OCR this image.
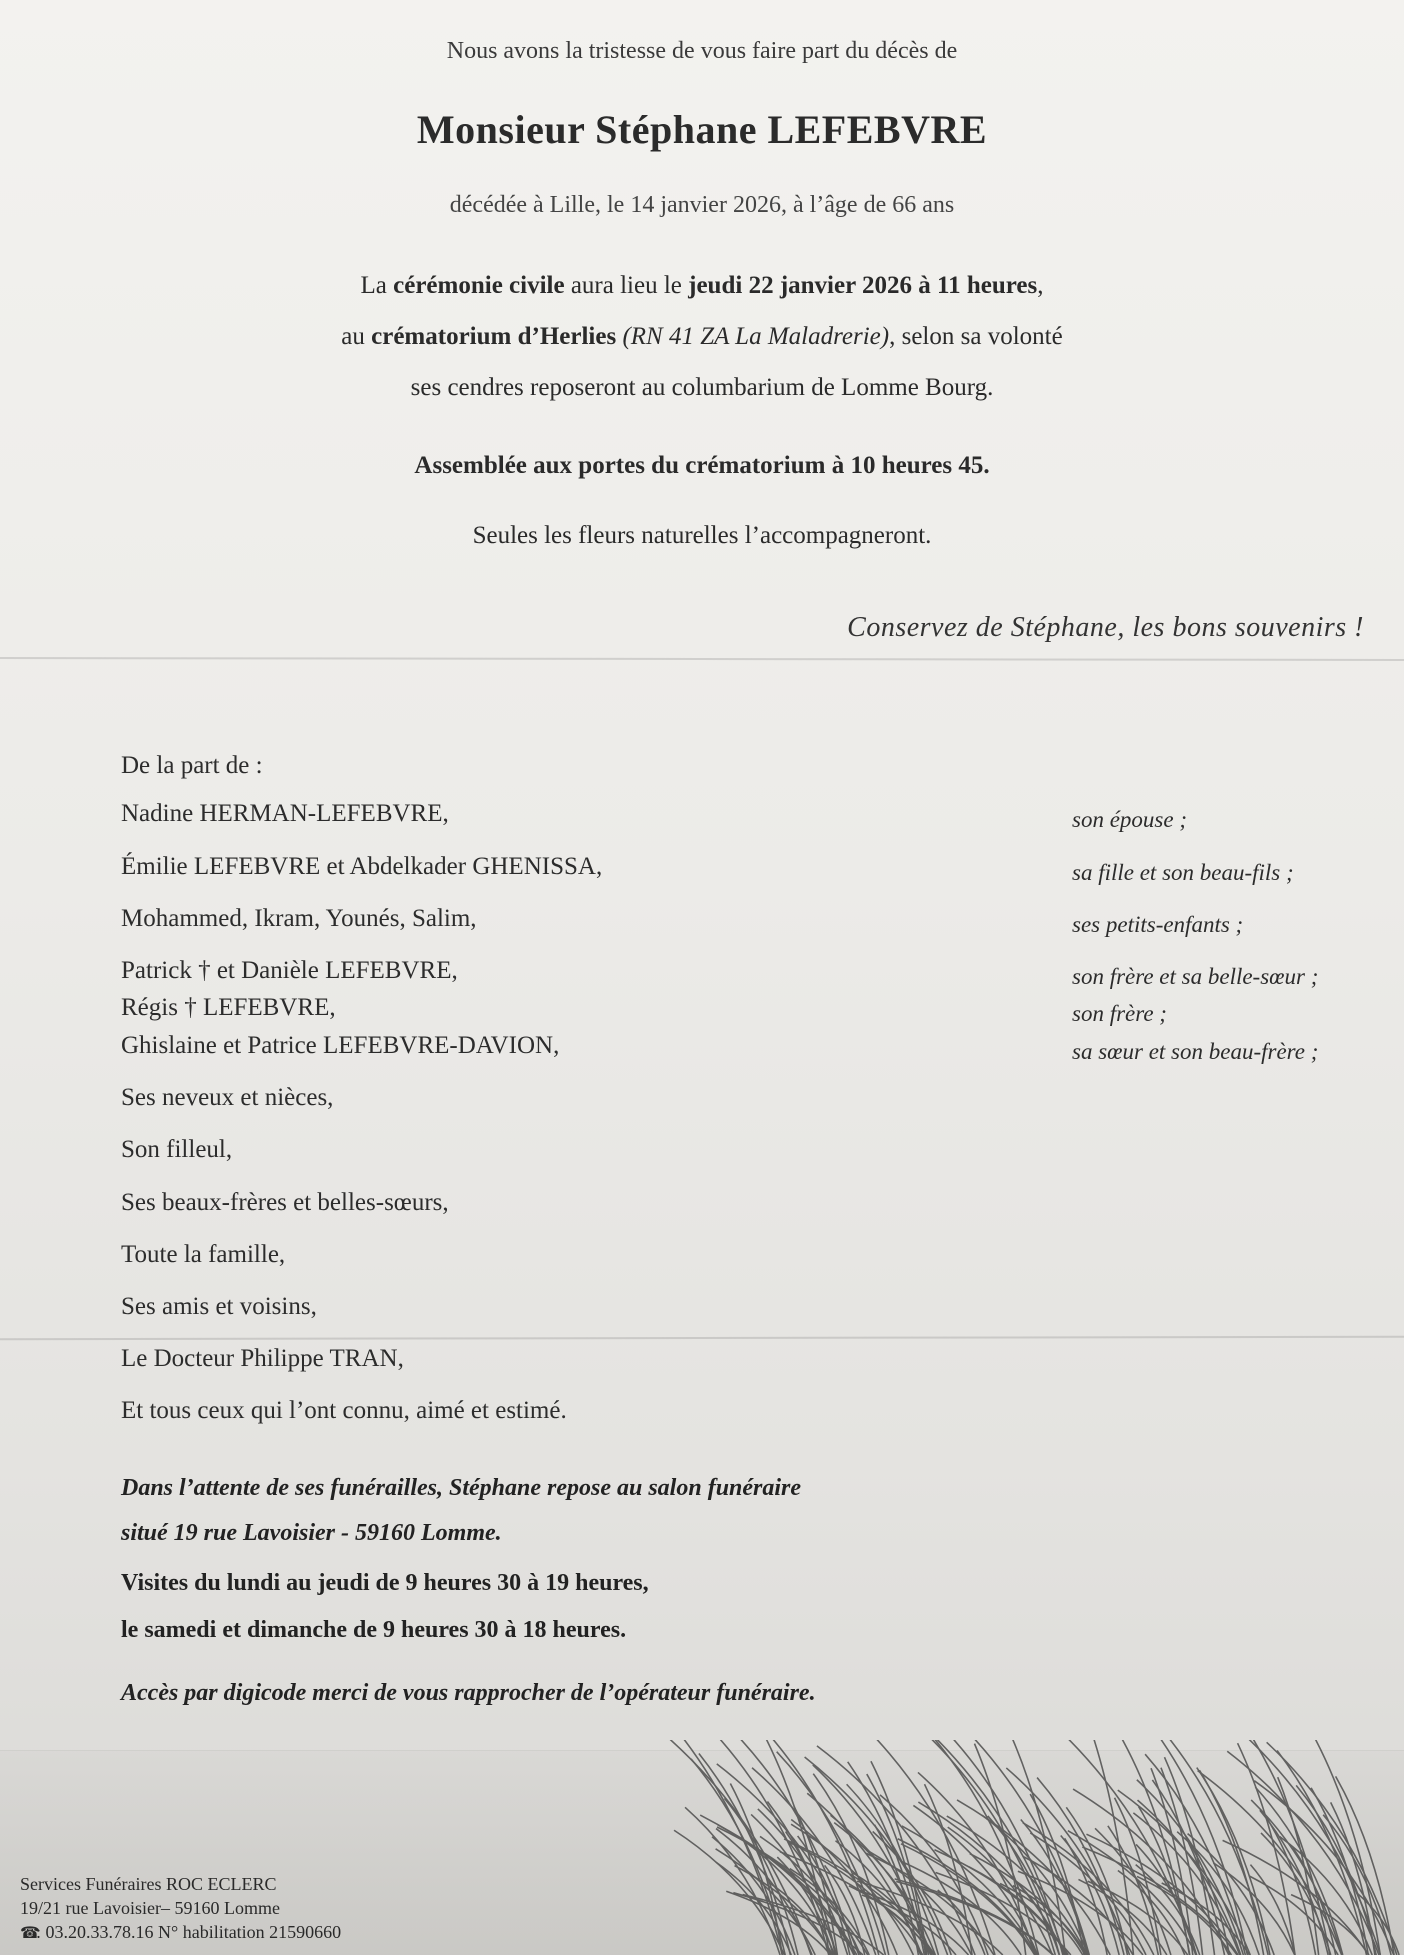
Nous avons la tristesse de vous faire part du décès de
Monsieur Stéphane LEFEBVRE
décédée à Lille, le 14 janvier 2026, à l’âge de 66 ans
La cérémonie civile aura lieu le jeudi 22 janvier 2026 à 11 heures,
au crématorium d’Herlies (RN 41 ZA La Maladrerie), selon sa volonté
ses cendres reposeront au columbarium de Lomme Bourg.
Assemblée aux portes du crématorium à 10 heures 45.
Seules les fleurs naturelles l’accompagneront.
Conservez de Stéphane, les bons souvenirs !
De la part de :
Nadine HERMAN-LEFEBVRE,	son épouse ;
Émilie LEFEBVRE et Abdelkader GHENISSA,	sa fille et son beau-fils ;
Mohammed, Ikram, Younés, Salim,	ses petits-enfants ;
Patrick † et Danièle LEFEBVRE,	son frère et sa belle-sœur ;
Régis † LEFEBVRE,	son frère ;
Ghislaine et Patrice LEFEBVRE-DAVION,	sa sœur et son beau-frère ;
Ses neveux et nièces,
Son filleul,
Ses beaux-frères et belles-sœurs,
Toute la famille,
Ses amis et voisins,
Le Docteur Philippe TRAN,
Et tous ceux qui l’ont connu, aimé et estimé.
Dans l’attente de ses funérailles, Stéphane repose au salon funéraire
situé 19 rue Lavoisier - 59160 Lomme.
Visites du lundi au jeudi de 9 heures 30 à 19 heures,
le samedi et dimanche de 9 heures 30 à 18 heures.
Accès par digicode merci de vous rapprocher de l’opérateur funéraire.
Services Funéraires ROC ECLERC
19/21 rue Lavoisier– 59160 Lomme
☎: 03.20.33.78.16 N° habilitation 21590660
